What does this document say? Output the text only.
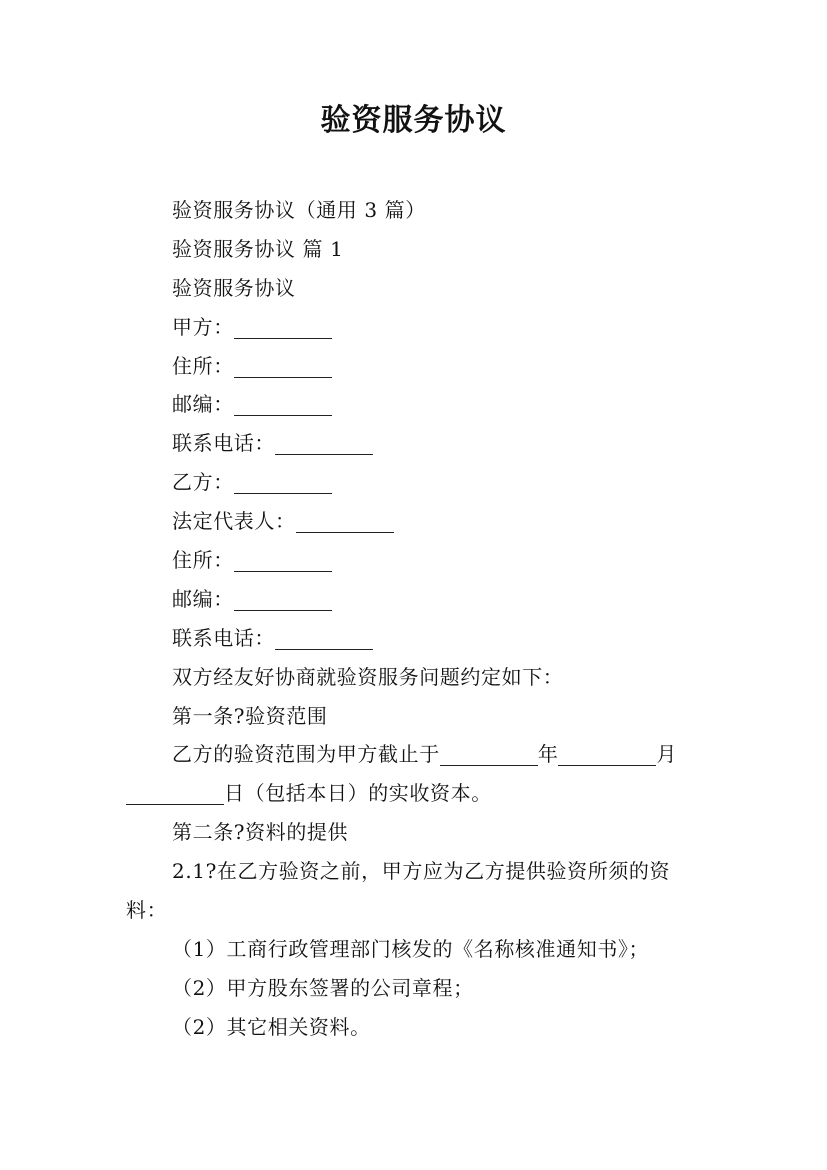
验资服务协议
验资服务协议（通用 3 篇）
验资服务协议 篇 1
验资服务协议
甲方：
住所：
邮编：
联系电话：
乙方：
法定代表人：
住所：
邮编：
联系电话：
双方经友好协商就验资服务问题约定如下：
第一条?验资范围
乙方的验资范围为甲方截止于	年	月
日（包括本日）的实收资本。
第二条?资料的提供
2.1?在乙方验资之前，甲方应为乙方提供验资所须的资
料：
（1）工商行政管理部门核发的《名称核准通知书》；
（2）甲方股东签署的公司章程；
（2）其它相关资料。
